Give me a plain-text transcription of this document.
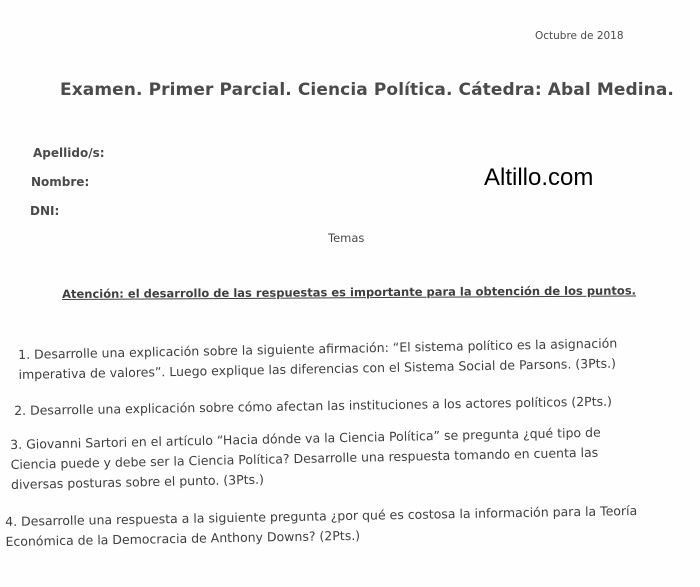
Octubre de 2018
Examen. Primer Parcial. Ciencia Política. Cátedra: Abal Medina.
Apellido/s:
Nombre:
DNI:
Altillo.com
Temas
Atención: el desarrollo de las respuestas es importante para la obtención de los puntos.
1. Desarrolle una explicación sobre la siguiente afirmación: “El sistema político es la asignación
imperativa de valores”. Luego explique las diferencias con el Sistema Social de Parsons. (3Pts.)
2. Desarrolle una explicación sobre cómo afectan las instituciones a los actores políticos (2Pts.)
3. Giovanni Sartori en el artículo “Hacia dónde va la Ciencia Política” se pregunta ¿qué tipo de
Ciencia puede y debe ser la Ciencia Política? Desarrolle una respuesta tomando en cuenta las
diversas posturas sobre el punto. (3Pts.)
4. Desarrolle una respuesta a la siguiente pregunta ¿por qué es costosa la información para la Teoría
Económica de la Democracia de Anthony Downs? (2Pts.)
